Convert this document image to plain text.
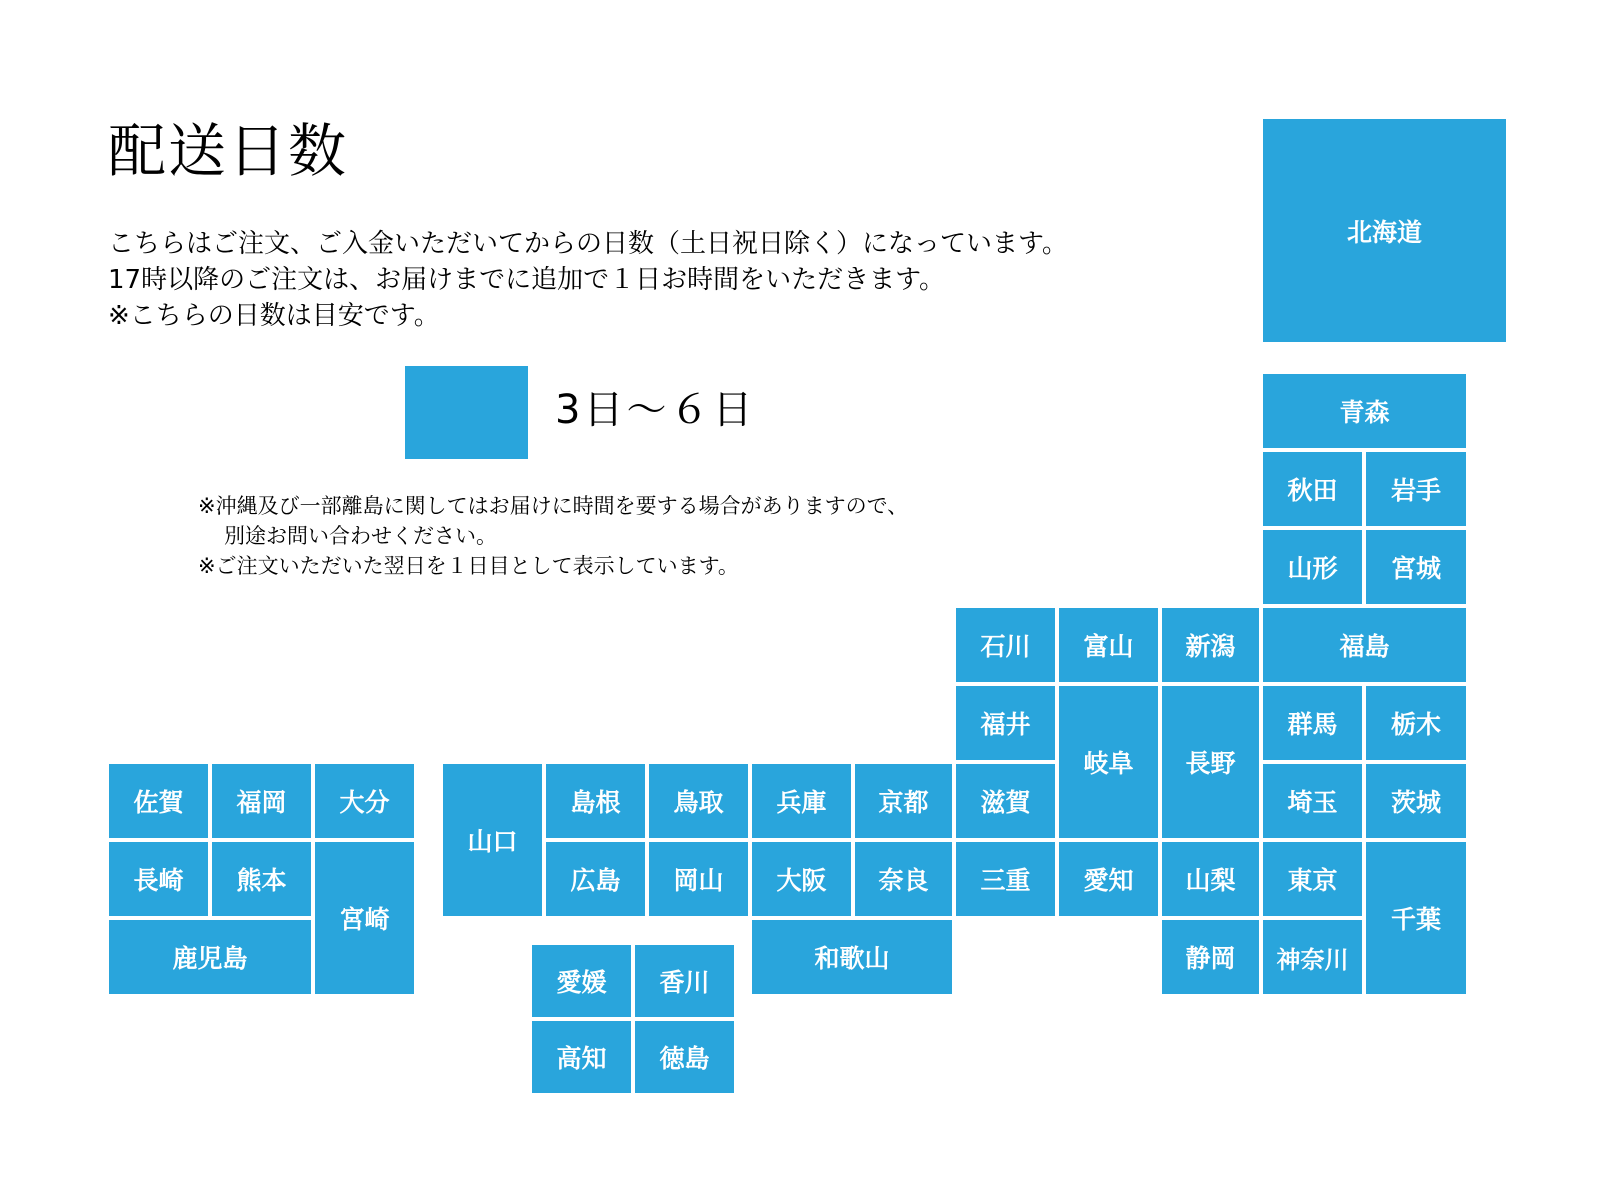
配送日数
こちらはご注文、ご入金いただいてからの日数（土日祝日除く）になっています。
17時以降のご注文は、お届けまでに追加で１日お時間をいただきます。
※こちらの日数は目安です。
3日〜６日
※沖縄及び一部離島に関してはお届けに時間を要する場合がありますので、
別途お問い合わせください。
※ご注文いただいた翌日を１日目として表示しています。
北海道
青森
秋田	岩手
山形	宮城
石川	富山	新潟	福島
福井
岐阜	長野
群馬	栃木
佐賀	福岡	大分
山口
島根	鳥取	兵庫	京都	滋賀	埼玉	茨城
長崎	熊本
宮崎
広島	岡山	大阪	奈良	三重	愛知	山梨	東京
千葉
鹿児島	和歌山	静岡	神奈川
愛媛	香川
高知	徳島
